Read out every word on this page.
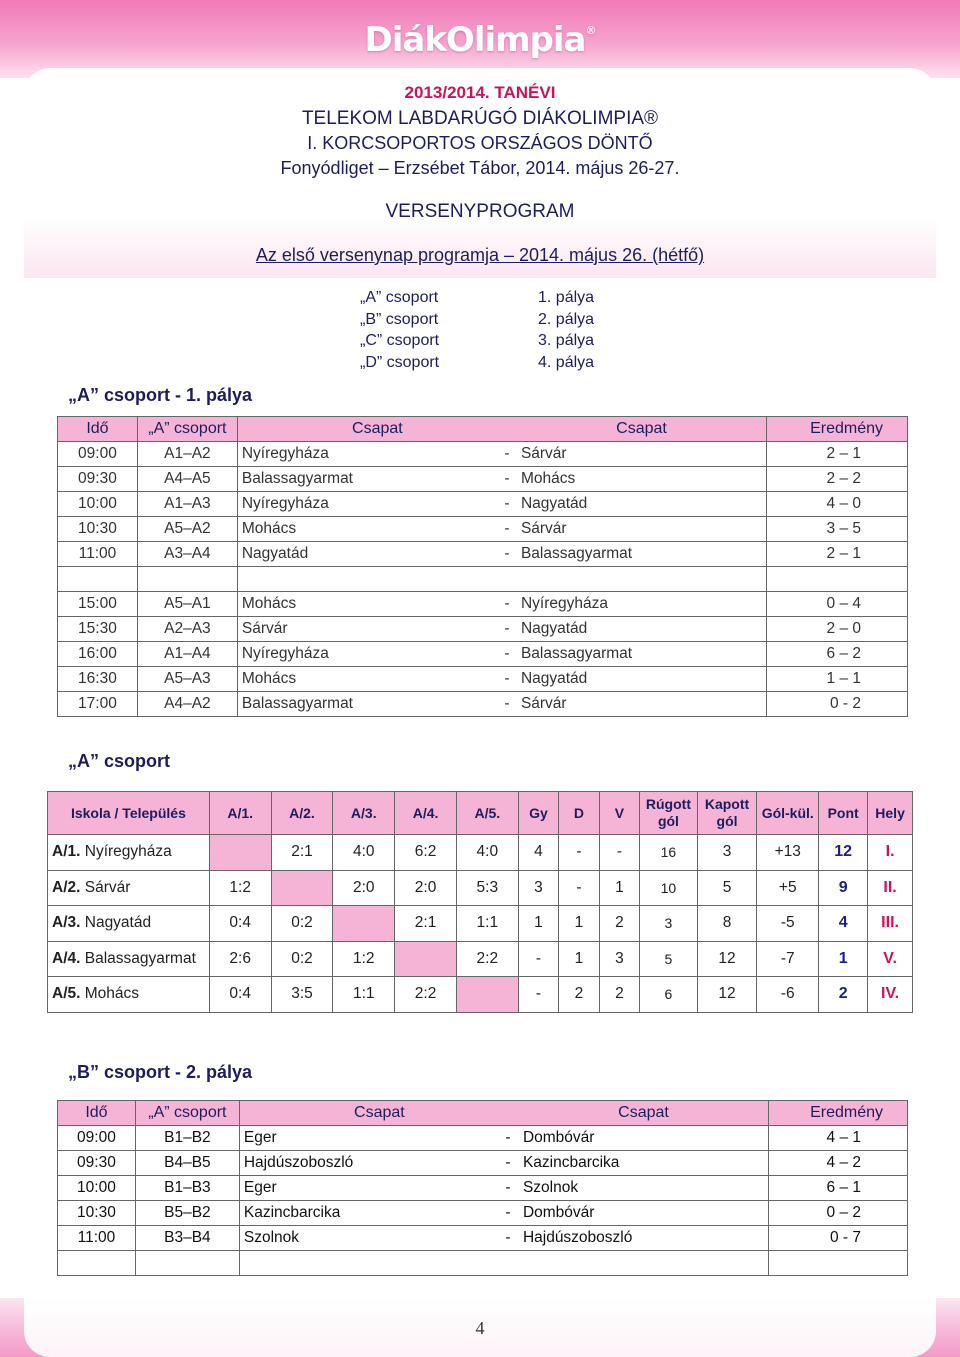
DiákOlimpia®
2013/2014. TANÉVI
TELEKOM LABDARÚGÓ DIÁKOLIMPIA®
I. KORCSOPORTOS ORSZÁGOS DÖNTŐ
Fonyódliget – Erzsébet Tábor, 2014. május 26-27.
VERSENYPROGRAM
Az első versenynap programja – 2014. május 26. (hétfő)
„A” csoport	1. pálya
„B” csoport	2. pálya
„C” csoport	3. pálya
„D” csoport	4. pálya
„A” csoport - 1. pálya
Idő	„A” csoport	Csapat		Csapat	Eredmény
09:00	A1–A2	Nyíregyháza	-	Sárvár	2 – 1
09:30	A4–A5	Balassagyarmat	-	Mohács	2 – 2
10:00	A1–A3	Nyíregyháza	-	Nagyatád	4 – 0
10:30	A5–A2	Mohács	-	Sárvár	3 – 5
11:00	A3–A4	Nagyatád	-	Balassagyarmat	2 – 1

15:00	A5–A1	Mohács	-	Nyíregyháza	0 – 4
15:30	A2–A3	Sárvár	-	Nagyatád	2 – 0
16:00	A1–A4	Nyíregyháza	-	Balassagyarmat	6 – 2
16:30	A5–A3	Mohács	-	Nagyatád	1 – 1
17:00	A4–A2	Balassagyarmat	-	Sárvár	0 - 2
„A” csoport
Iskola / Település	A/1.	A/2.	A/3.	A/4.	A/5.	Gy	D	V	Rúgott gól	Kapott gól	Gól-kül.	Pont	Hely
A/1. Nyíregyháza		2:1	4:0	6:2	4:0	4	-	-	16	3	+13	12	I.
A/2. Sárvár	1:2		2:0	2:0	5:3	3	-	1	10	5	+5	9	II.
A/3. Nagyatád	0:4	0:2		2:1	1:1	1	1	2	3	8	-5	4	III.
A/4. Balassagyarmat	2:6	0:2	1:2		2:2	-	1	3	5	12	-7	1	V.
A/5. Mohács	0:4	3:5	1:1	2:2		-	2	2	6	12	-6	2	IV.
„B” csoport - 2. pálya
Idő	„A” csoport	Csapat		Csapat	Eredmény
09:00	B1–B2	Eger	-	Dombóvár	4 – 1
09:30	B4–B5	Hajdúszoboszló	-	Kazincbarcika	4 – 2
10:00	B1–B3	Eger	-	Szolnok	6 – 1
10:30	B5–B2	Kazincbarcika	-	Dombóvár	0 – 2
11:00	B3–B4	Szolnok	-	Hajdúszoboszló	0 - 7

4
